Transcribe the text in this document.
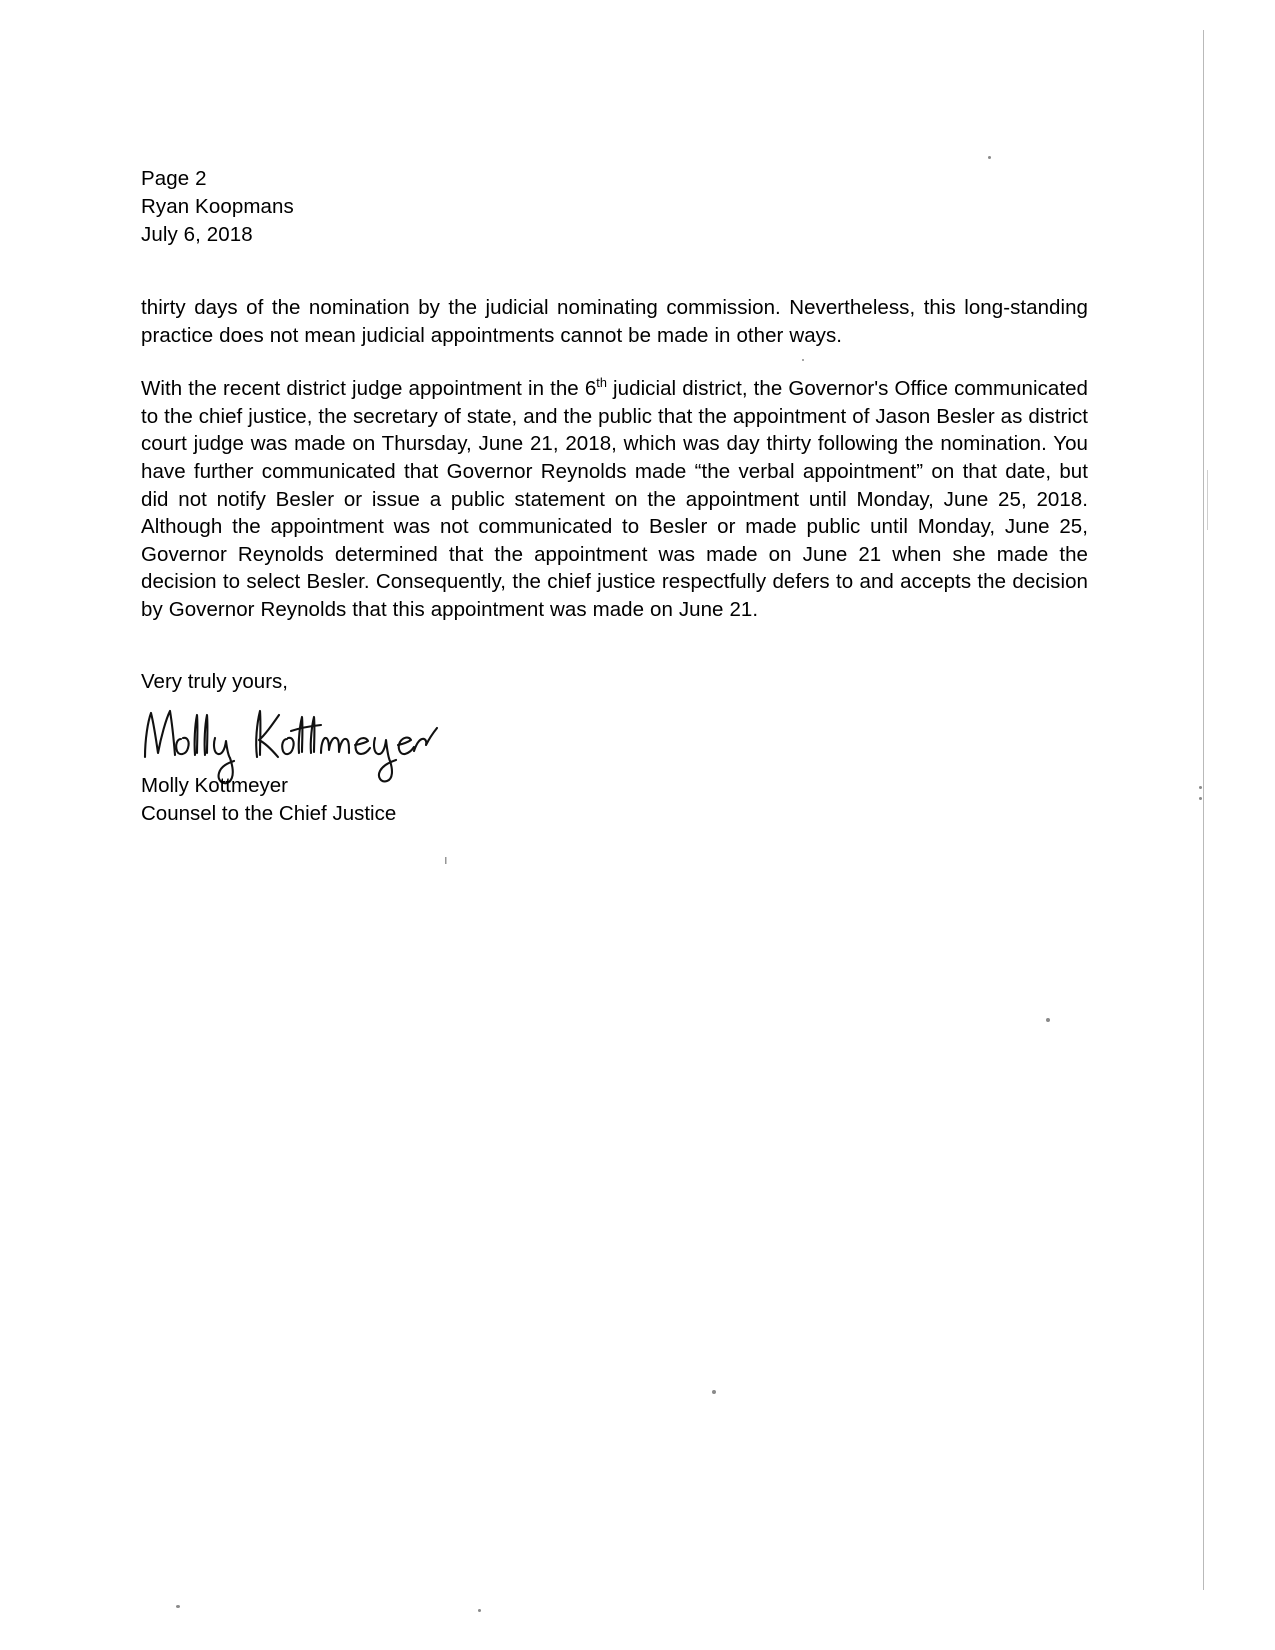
Page 2
Ryan Koopmans
July 6, 2018

thirty days of the nomination by the judicial nominating commission. Nevertheless, this long-standing practice does not mean judicial appointments cannot be made in other ways.

With the recent district judge appointment in the 6th judicial district, the Governor's Office communicated to the chief justice, the secretary of state, and the public that the appointment of Jason Besler as district court judge was made on Thursday, June 21, 2018, which was day thirty following the nomination. You have further communicated that Governor Reynolds made “the verbal appointment” on that date, but did not notify Besler or issue a public statement on the appointment until Monday, June 25, 2018. Although the appointment was not communicated to Besler or made public until Monday, June 25, Governor Reynolds determined that the appointment was made on June 21 when she made the decision to select Besler. Consequently, the chief justice respectfully defers to and accepts the decision by Governor Reynolds that this appointment was made on June 21.

Very truly yours,
Molly Kottmeyer
Counsel to the Chief Justice
ı
